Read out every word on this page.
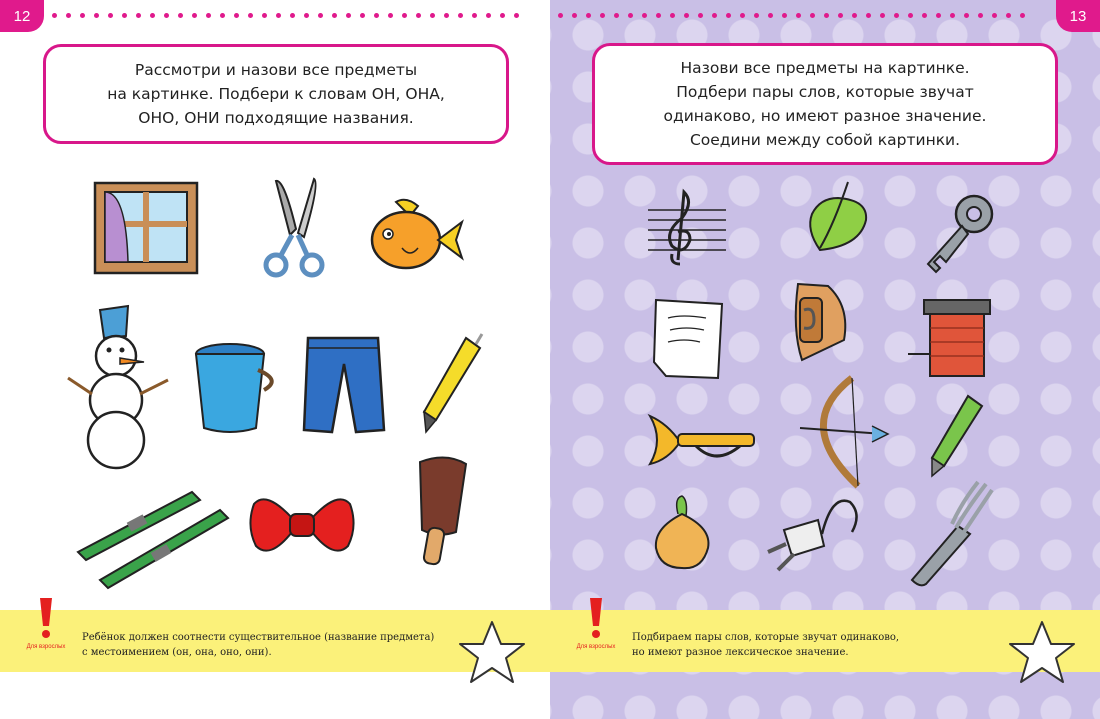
12
Рассмотри и назови все предметы
на картинке. Подбери к словам ОН, ОНА,
ОНО, ОНИ подходящие названия.
Ребёнок должен соотнести существительное (название предмета)
с местоимением (он, она, оно, они).
Для взрослых
13
Назови все предметы на картинке.
Подбери пары слов, которые звучат
одинаково, но имеют разное значение.
Соедини между собой картинки.
Подбираем пары слов, которые звучат одинаково,
но имеют разное лексическое значение.
Для взрослых
